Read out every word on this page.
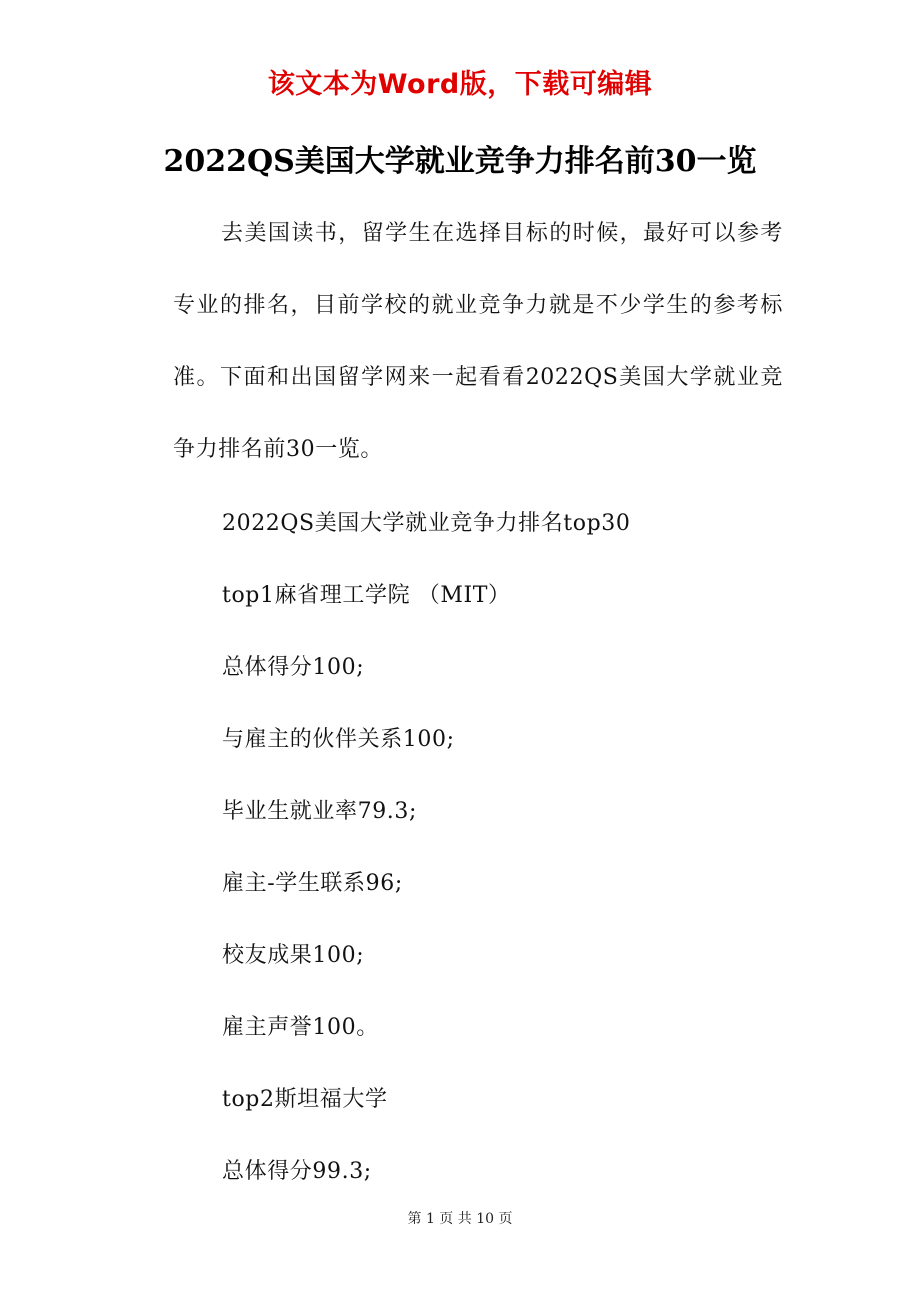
该文本为Word版，下载可编辑
2022QS美国大学就业竞争力排名前30一览

去美国读书，留学生在选择目标的时候，最好可以参考专业的排名，目前学校的就业竞争力就是不少学生的参考标准。下面和出国留学网来一起看看2022QS美国大学就业竞争力排名前30一览。

2022QS美国大学就业竞争力排名top30

top1麻省理工学院 （MIT）

总体得分100;

与雇主的伙伴关系100;

毕业生就业率79.3;

雇主-学生联系96;

校友成果100;

雇主声誉100。

top2斯坦福大学

总体得分99.3;

第 1 页 共 10 页
